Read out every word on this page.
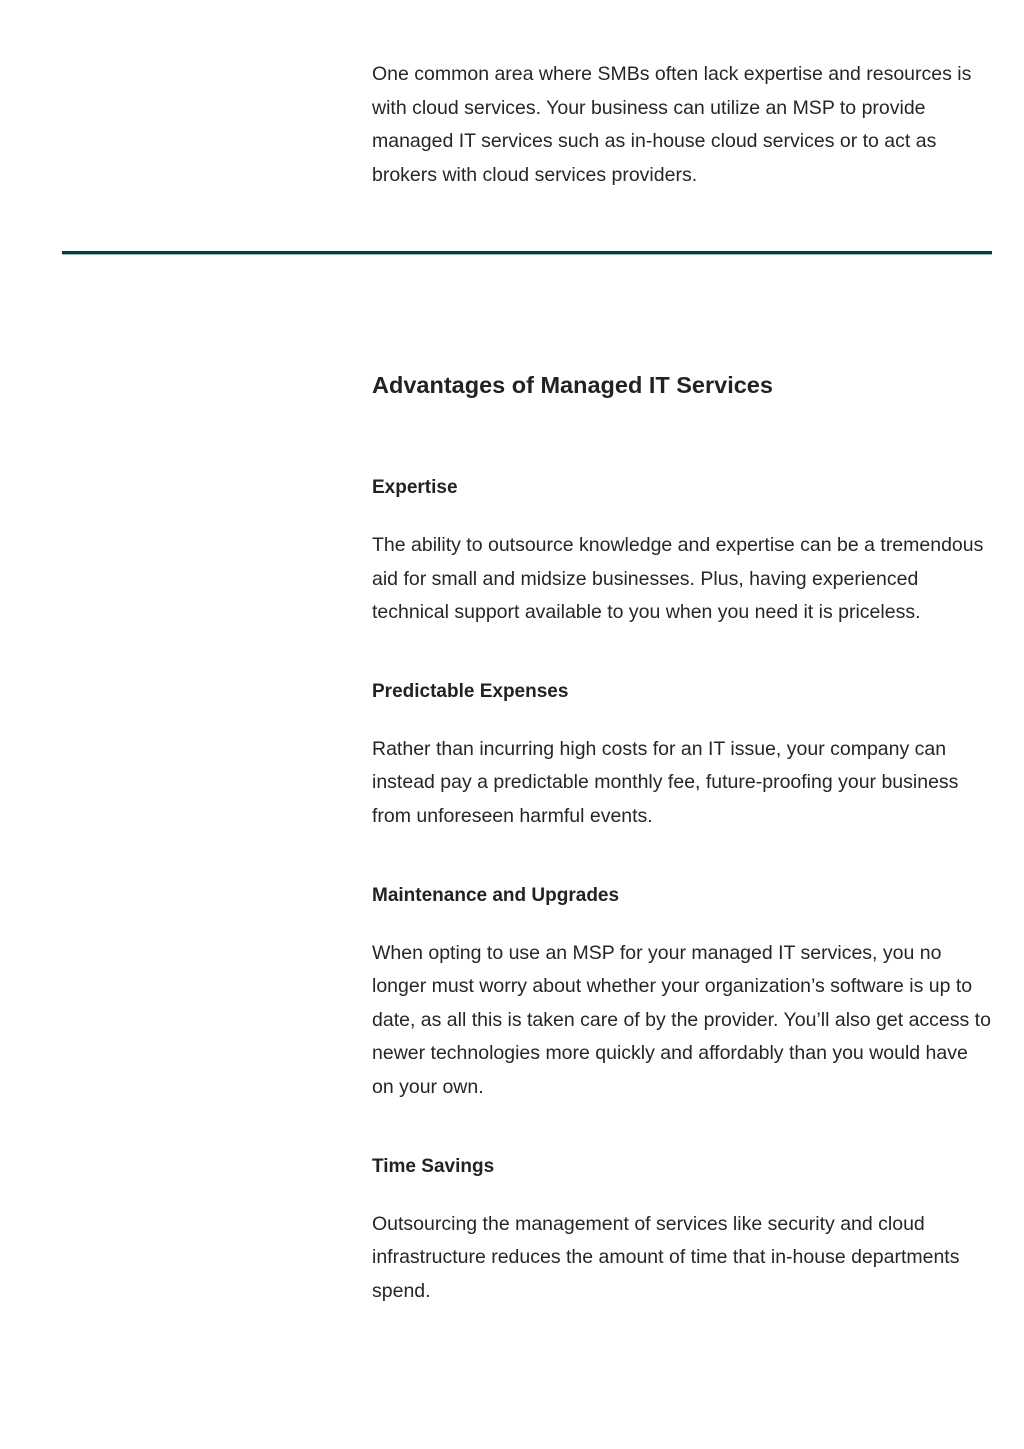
One common area where SMBs often lack expertise and resources is with cloud services. Your business can utilize an MSP to provide managed IT services such as in-house cloud services or to act as brokers with cloud services providers.

Advantages of Managed IT Services
Expertise

The ability to outsource knowledge and expertise can be a tremendous aid for small and midsize businesses. Plus, having experienced technical support available to you when you need it is priceless.

Predictable Expenses

Rather than incurring high costs for an IT issue, your company can instead pay a predictable monthly fee, future-proofing your business from unforeseen harmful events.

Maintenance and Upgrades

When opting to use an MSP for your managed IT services, you no longer must worry about whether your organization’s software is up to date, as all this is taken care of by the provider. You’ll also get access to newer technologies more quickly and affordably than you would have on your own.

Time Savings

Outsourcing the management of services like security and cloud infrastructure reduces the amount of time that in-house departments spend.
